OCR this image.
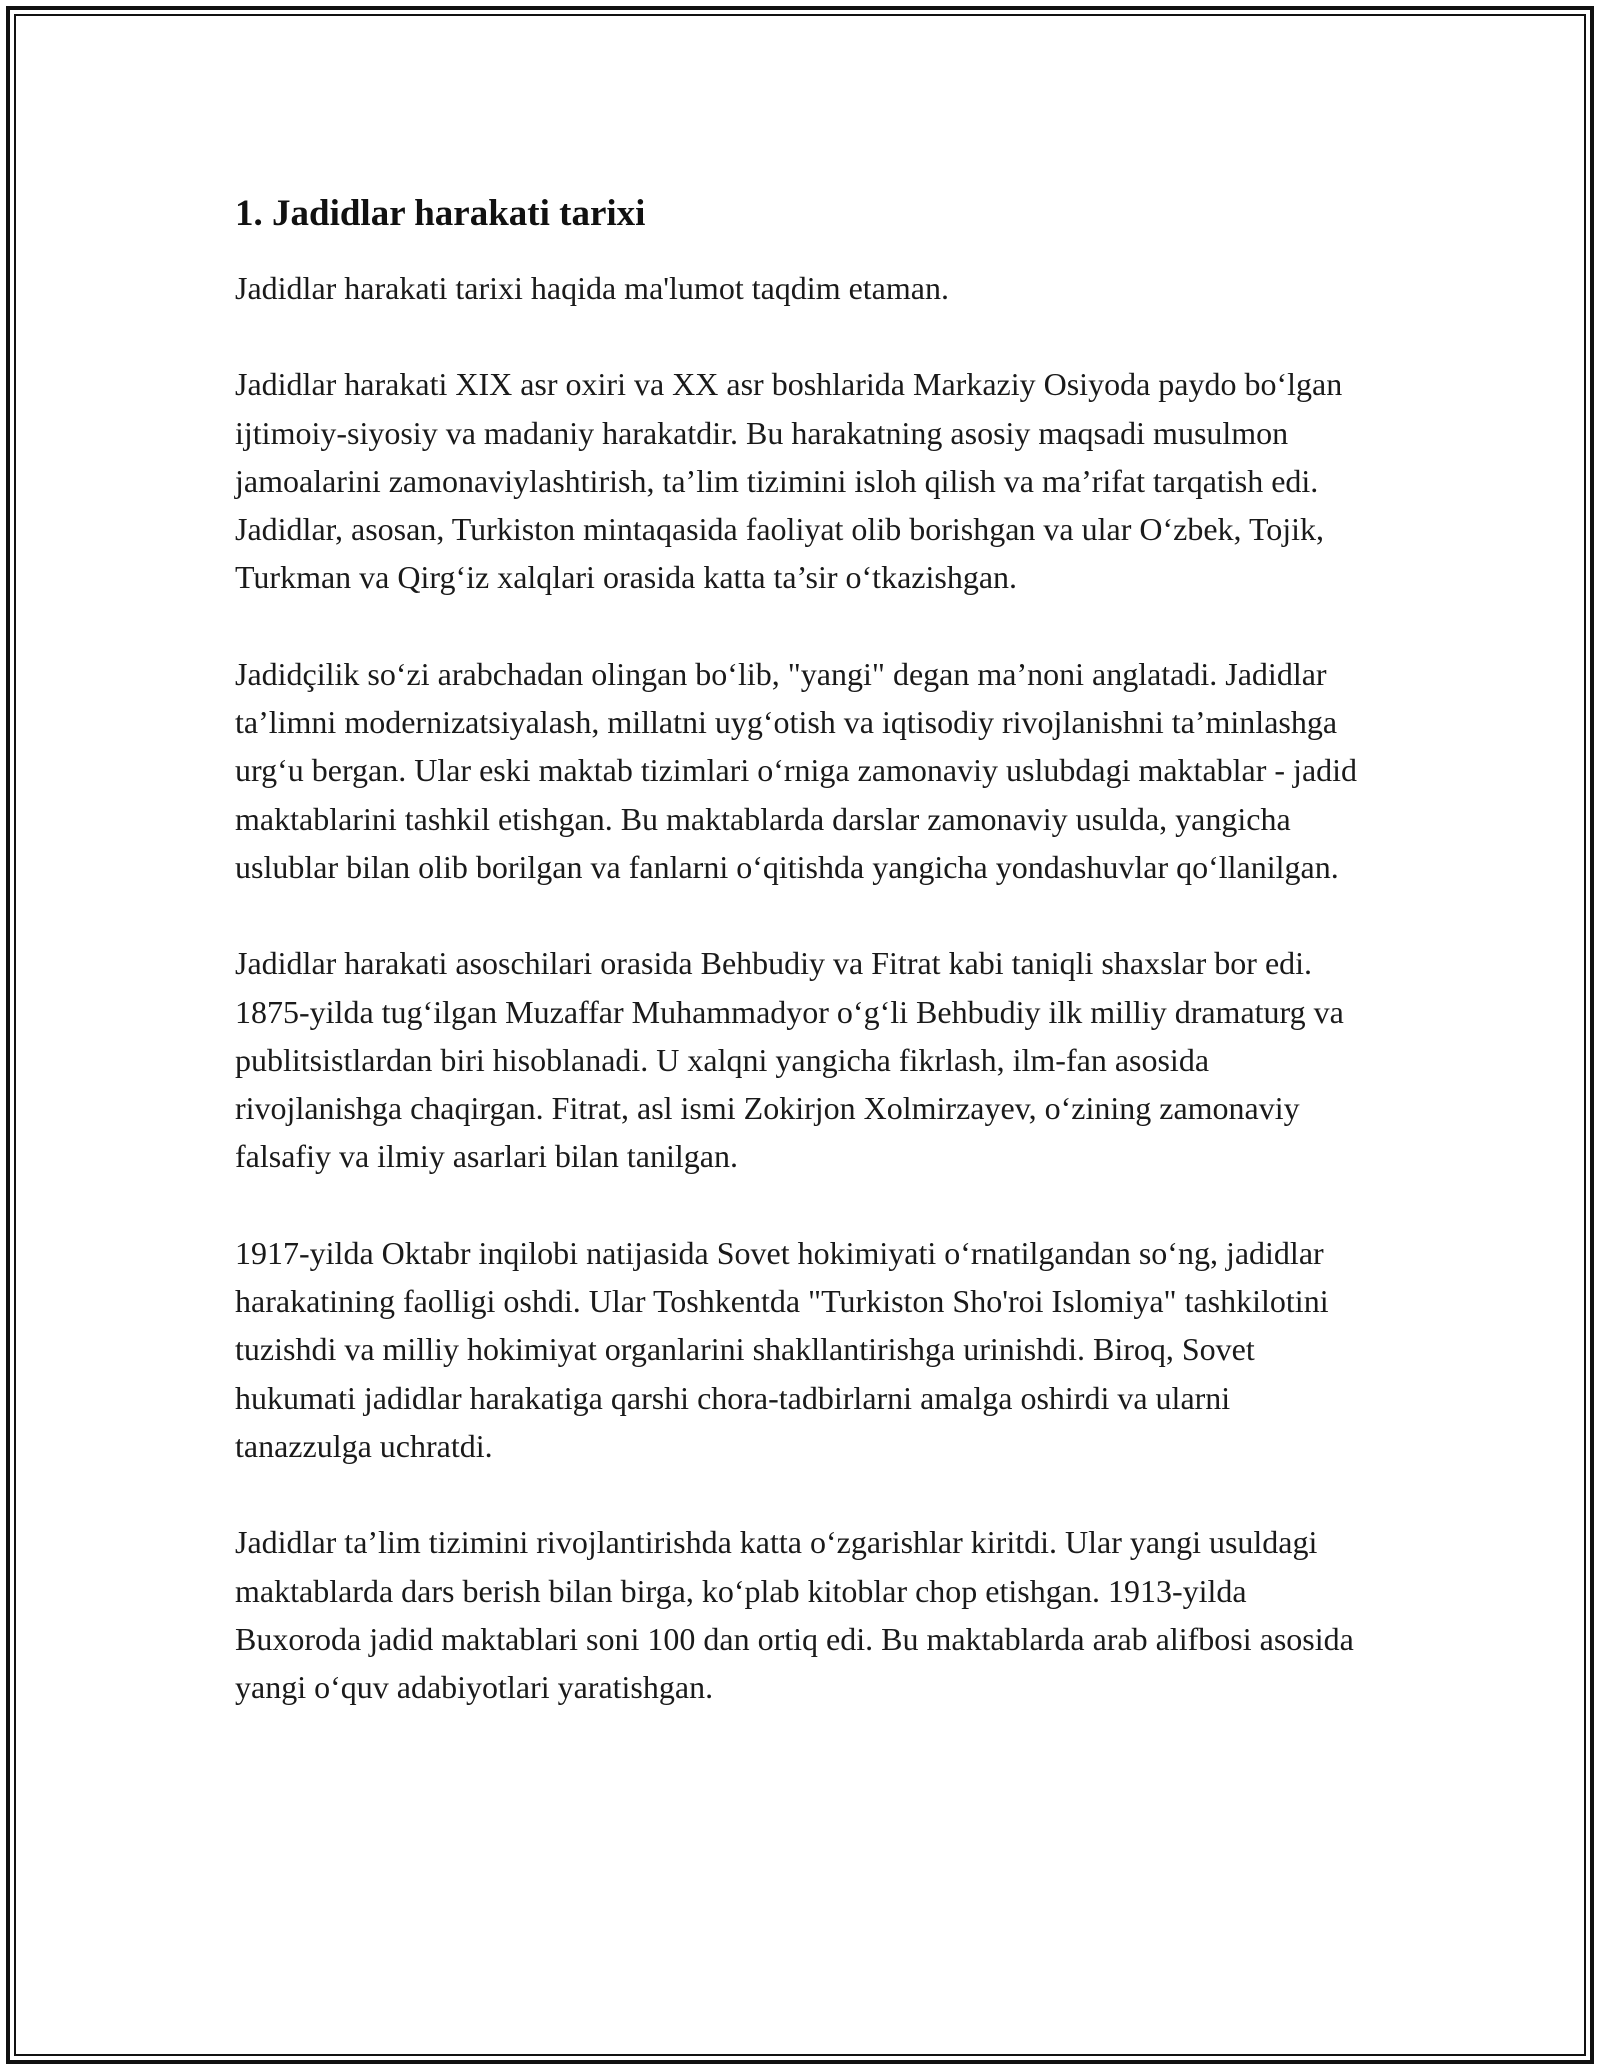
1. Jadidlar harakati tarixi

Jadidlar harakati tarixi haqida ma'lumot taqdim etaman.

Jadidlar harakati XIX asr oxiri va XX asr boshlarida Markaziy Osiyoda paydo bo‘lgan ijtimoiy-siyosiy va madaniy harakatdir. Bu harakatning asosiy maqsadi musulmon jamoalarini zamonaviylashtirish, ta’lim tizimini isloh qilish va ma’rifat tarqatish edi. Jadidlar, asosan, Turkiston mintaqasida faoliyat olib borishgan va ular O‘zbek, Tojik, Turkman va Qirg‘iz xalqlari orasida katta ta’sir o‘tkazishgan.

Jadidçilik so‘zi arabchadan olingan bo‘lib, "yangi" degan ma’noni anglatadi. Jadidlar ta’limni modernizatsiyalash, millatni uyg‘otish va iqtisodiy rivojlanishni ta’minlashga urg‘u bergan. Ular eski maktab tizimlari o‘rniga zamonaviy uslubdagi maktablar - jadid maktablarini tashkil etishgan. Bu maktablarda darslar zamonaviy usulda, yangicha uslublar bilan olib borilgan va fanlarni o‘qitishda yangicha yondashuvlar qo‘llanilgan.

Jadidlar harakati asoschilari orasida Behbudiy va Fitrat kabi taniqli shaxslar bor edi. 1875-yilda tug‘ilgan Muzaffar Muhammadyor o‘g‘li Behbudiy ilk milliy dramaturg va publitsistlardan biri hisoblanadi. U xalqni yangicha fikrlash, ilm-fan asosida rivojlanishga chaqirgan. Fitrat, asl ismi Zokirjon Xolmirzayev, o‘zining zamonaviy falsafiy va ilmiy asarlari bilan tanilgan.

1917-yilda Oktabr inqilobi natijasida Sovet hokimiyati o‘rnatilgandan so‘ng, jadidlar harakatining faolligi oshdi. Ular Toshkentda "Turkiston Sho'roi Islomiya" tashkilotini tuzishdi va milliy hokimiyat organlarini shakllantirishga urinishdi. Biroq, Sovet hukumati jadidlar harakatiga qarshi chora-tadbirlarni amalga oshirdi va ularni tanazzulga uchratdi.

Jadidlar ta’lim tizimini rivojlantirishda katta o‘zgarishlar kiritdi. Ular yangi usuldagi maktablarda dars berish bilan birga, ko‘plab kitoblar chop etishgan. 1913-yilda Buxoroda jadid maktablari soni 100 dan ortiq edi. Bu maktablarda arab alifbosi asosida yangi o‘quv adabiyotlari yaratishgan.
